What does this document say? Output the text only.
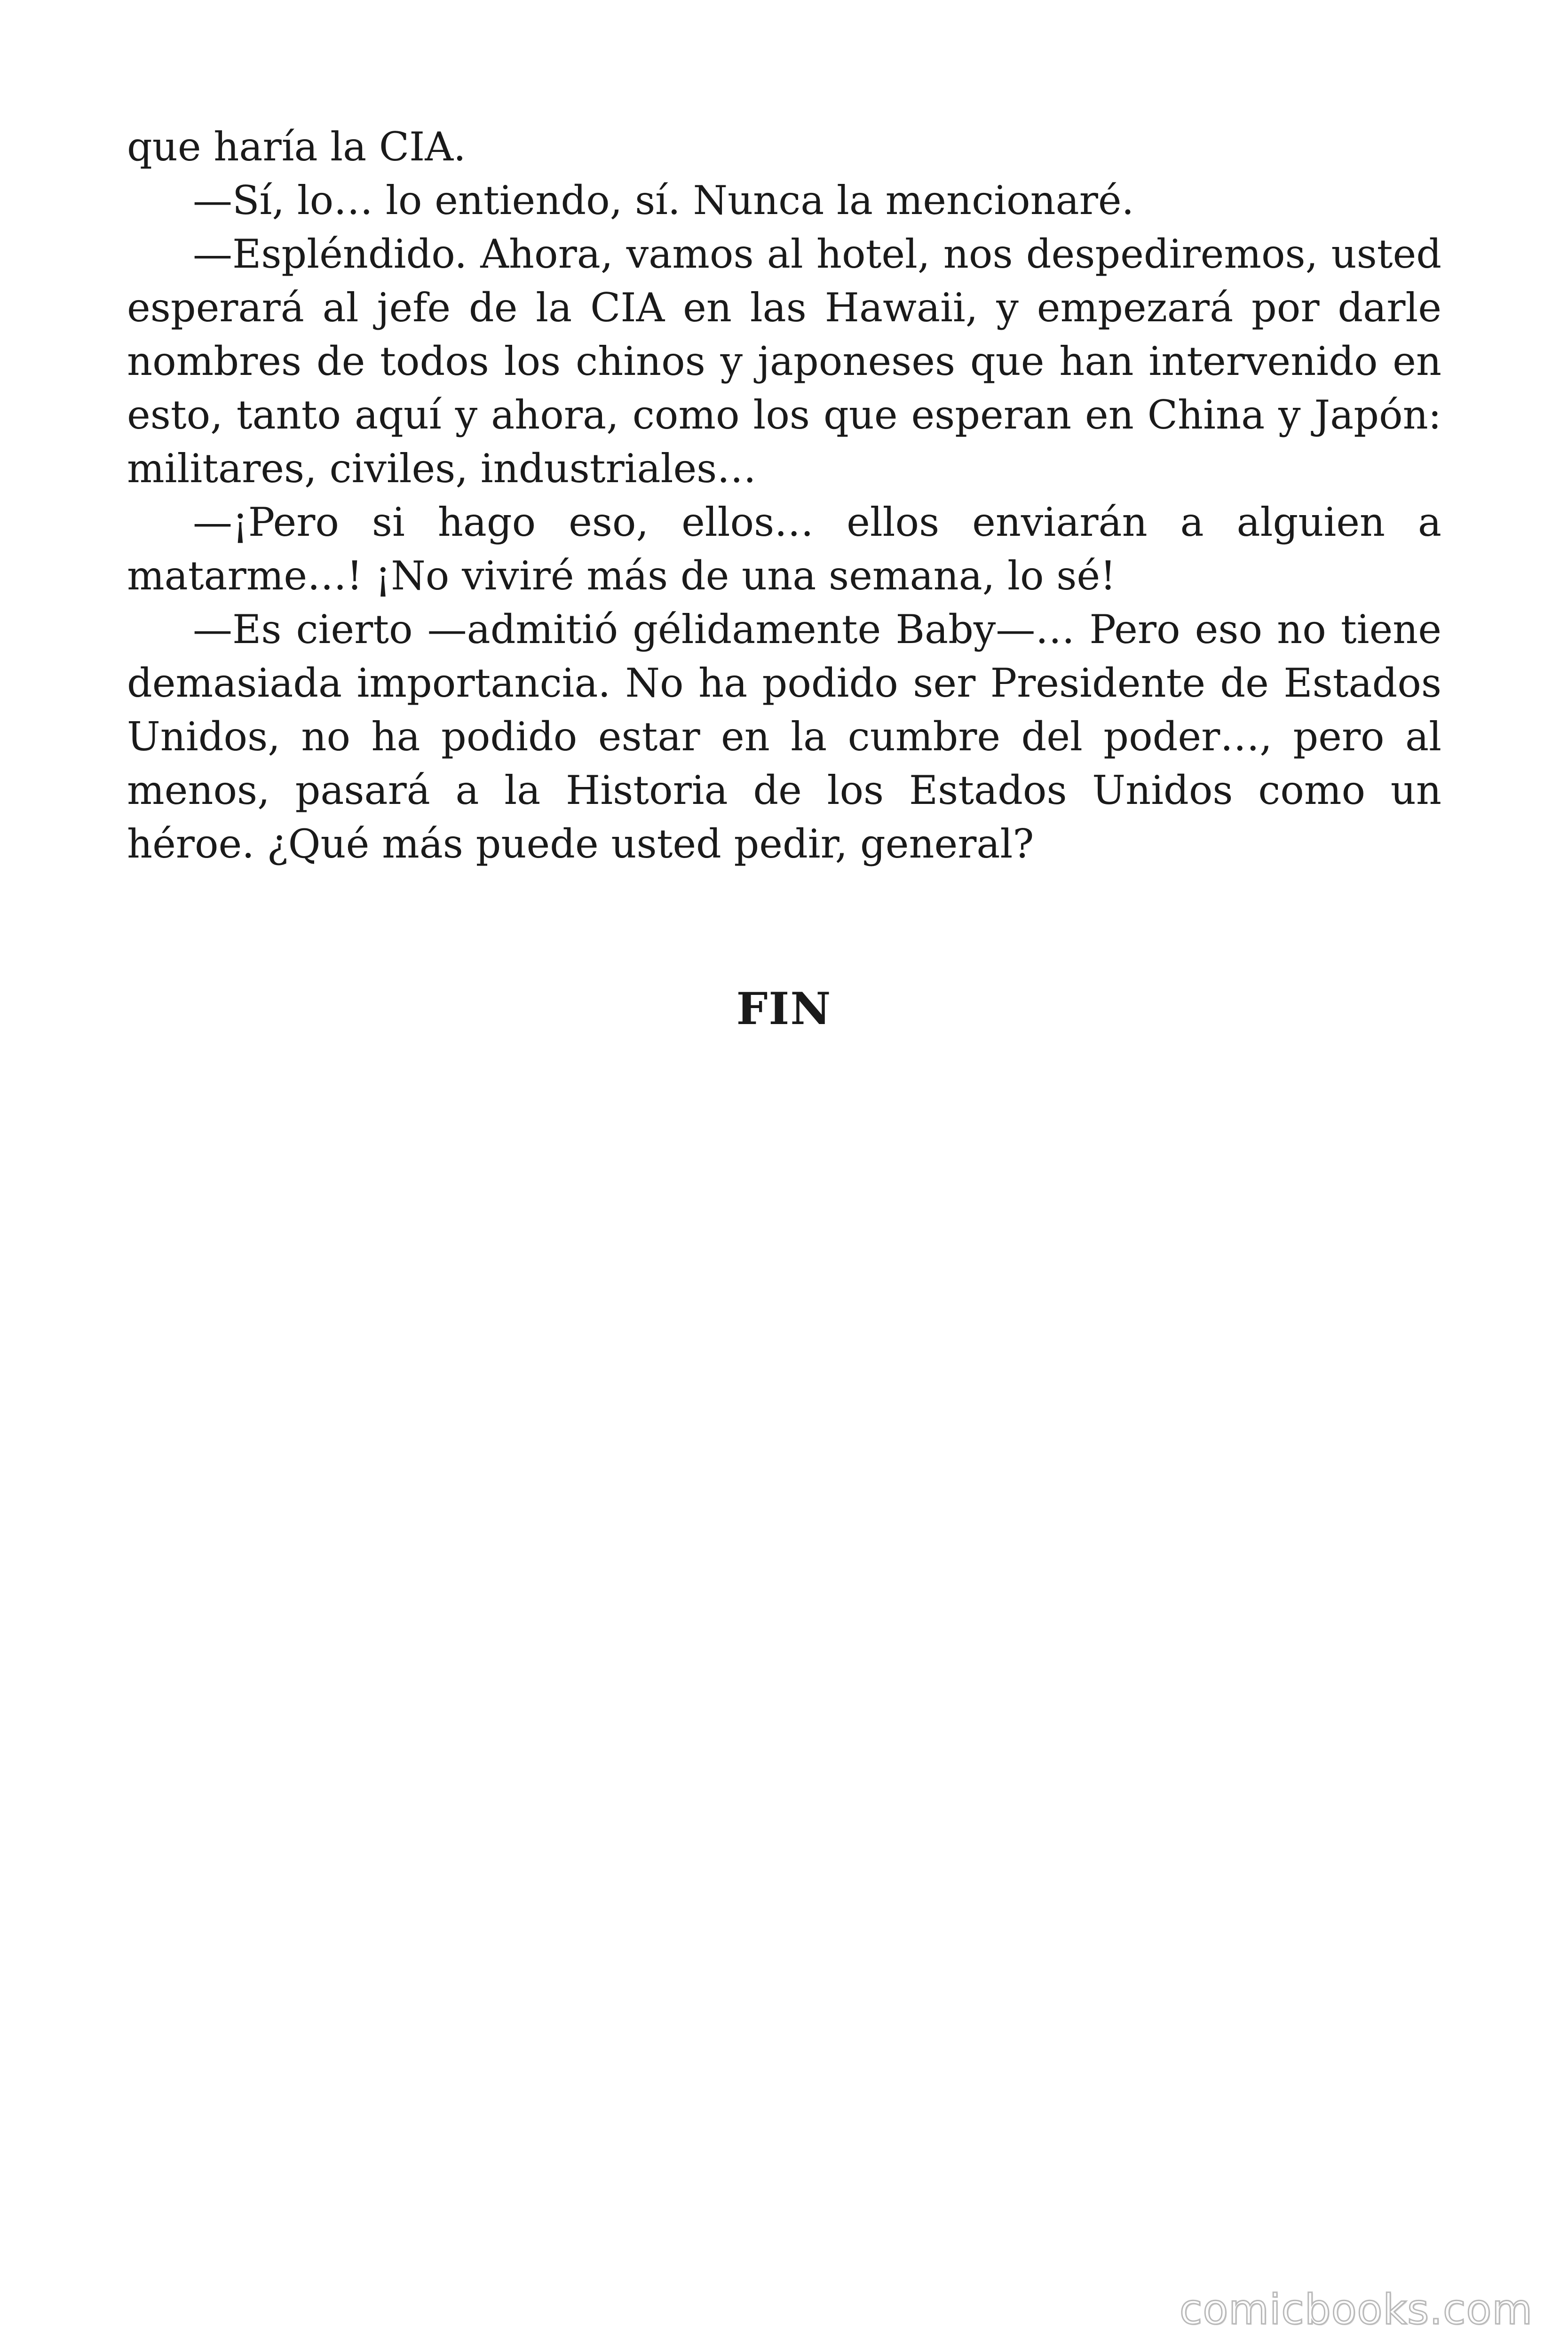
que haría la CIA.

—Sí, lo… lo entiendo, sí. Nunca la mencionaré.

—Espléndido. Ahora, vamos al hotel, nos despediremos, usted esperará al jefe de la CIA en las Hawaii, y empezará por darle nombres de todos los chinos y japoneses que han intervenido en esto, tanto aquí y ahora, como los que esperan en China y Japón: militares, civiles, industriales…

—¡Pero si hago eso, ellos… ellos enviarán a alguien a matarme…! ¡No viviré más de una semana, lo sé!

—Es cierto —admitió gélidamente Baby—… Pero eso no tiene demasiada importancia. No ha podido ser Presidente de Estados Unidos, no ha podido estar en la cumbre del poder…, pero al menos, pasará a la Historia de los Estados Unidos como un héroe. ¿Qué más puede usted pedir, general?

FIN
comicbooks.com
